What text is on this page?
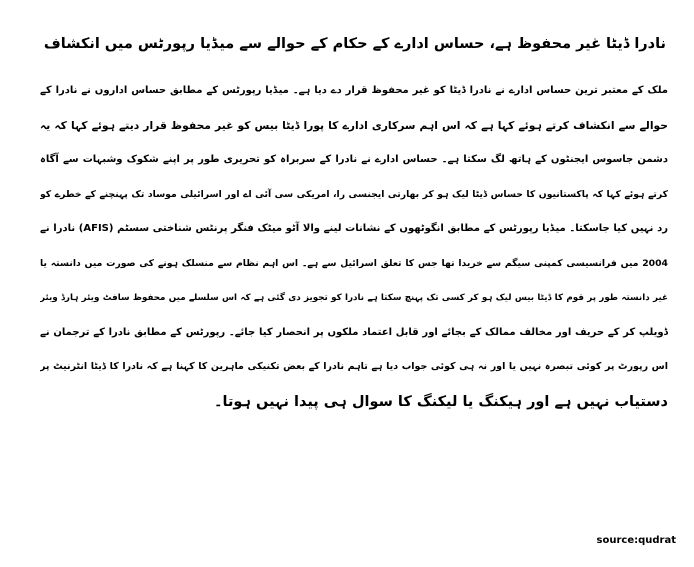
نادرا ڈیٹا غیر محفوظ ہے، حساس ادارے کے حکام کے حوالے سے میڈیا رپورٹس میں انکشاف
ملک کے معتبر ترین حساس ادارے نے نادرا ڈیٹا کو غیر محفوظ قرار دے دیا ہے۔ میڈیا رپورٹس کے مطابق حساس اداروں نے نادرا کے
حوالے سے انکشاف کرتے ہوئے کہا ہے کہ اس اہم سرکاری ادارے کا پورا ڈیٹا بیس کو غیر محفوظ قرار دیتے ہوئے کہا کہ یہ
دشمن جاسوس ایجنٹوں کے ہاتھ لگ سکتا ہے۔ حساس ادارے نے نادرا کے سربراہ کو تحریری طور پر اپنے شکوک وشبہات سے آگاہ
کرتے ہوئے کہا کہ پاکستانیوں کا حساس ڈیٹا لیک ہو کر بھارتی ایجنسی را، امریکی سی آئی اے اور اسرائیلی موساد تک پہنچنے کے خطرے کو
رد نہیں کیا جاسکتا۔ میڈیا رپورٹس کے مطابق انگوٹھوں کے نشانات لینے والا آٹو میٹک فنگر پرنٹس شناختی سسٹم (AFIS) نادرا نے
2004 میں فرانسیسی کمپنی سیگم سے خریدا تھا جس کا تعلق اسرائیل سے ہے۔ اس اہم نظام سے منسلک ہونے کی صورت میں دانستہ یا
غیر دانستہ طور پر قوم کا ڈیٹا بیس لیک ہو کر کسی تک پہنچ سکتا ہے نادرا کو تجویز دی گئی ہے کہ اس سلسلے میں محفوظ سافٹ ویئر ہارڈ ویئر
ڈویلپ کر کے حریف اور مخالف ممالک کے بجائے اور قابل اعتماد ملکوں پر انحصار کیا جائے۔ رپورٹس کے مطابق نادرا کے ترجمان نے
اس رپورٹ پر کوئی تبصرہ نہیں یا اور نہ ہی کوئی جواب دیا ہے تاہم نادرا کے بعض تکنیکی ماہرین کا کہنا ہے کہ نادرا کا ڈیٹا انٹرنیٹ پر
دستیاب نہیں ہے اور ہیکنگ یا لیکنگ کا سوال ہی پیدا نہیں ہوتا۔
source:qudrat
